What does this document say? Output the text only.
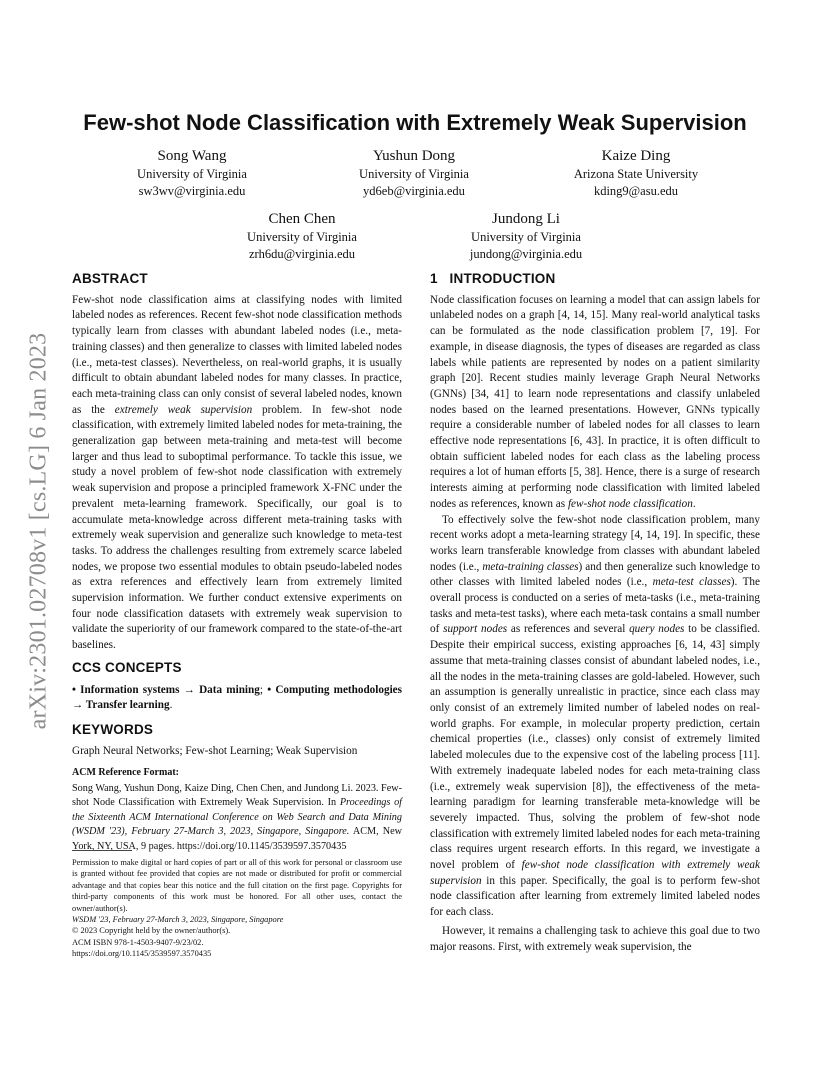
arXiv:2301.02708v1 [cs.LG] 6 Jan 2023
Few-shot Node Classification with Extremely Weak Supervision
Song Wang
University of Virginia
sw3wv@virginia.edu
Yushun Dong
University of Virginia
yd6eb@virginia.edu
Kaize Ding
Arizona State University
kding9@asu.edu
Chen Chen
University of Virginia
zrh6du@virginia.edu
Jundong Li
University of Virginia
jundong@virginia.edu
ABSTRACT

Few-shot node classification aims at classifying nodes with limited labeled nodes as references. Recent few-shot node classification methods typically learn from classes with abundant labeled nodes (i.e., meta-training classes) and then generalize to classes with limited labeled nodes (i.e., meta-test classes). Nevertheless, on real-world graphs, it is usually difficult to obtain abundant labeled nodes for many classes. In practice, each meta-training class can only consist of several labeled nodes, known as the extremely weak supervision problem. In few-shot node classification, with extremely limited labeled nodes for meta-training, the generalization gap between meta-training and meta-test will become larger and thus lead to suboptimal performance. To tackle this issue, we study a novel problem of few-shot node classification with extremely weak supervision and propose a principled framework X-FNC under the prevalent meta-learning framework. Specifically, our goal is to accumulate meta-knowledge across different meta-training tasks with extremely weak supervision and generalize such knowledge to meta-test tasks. To address the challenges resulting from extremely scarce labeled nodes, we propose two essential modules to obtain pseudo-labeled nodes as extra references and effectively learn from extremely limited supervision information. We further conduct extensive experiments on four node classification datasets with extremely weak supervision to validate the superiority of our framework compared to the state-of-the-art baselines.

CCS CONCEPTS

• Information systems → Data mining; • Computing methodologies → Transfer learning.

KEYWORDS

Graph Neural Networks; Few-shot Learning; Weak Supervision

ACM Reference Format:

Song Wang, Yushun Dong, Kaize Ding, Chen Chen, and Jundong Li. 2023. Few-shot Node Classification with Extremely Weak Supervision. In Proceedings of the Sixteenth ACM International Conference on Web Search and Data Mining (WSDM '23), February 27-March 3, 2023, Singapore, Singapore. ACM, New York, NY, USA, 9 pages. https://doi.org/10.1145/3539597.3570435

Permission to make digital or hard copies of part or all of this work for personal or classroom use is granted without fee provided that copies are not made or distributed for profit or commercial advantage and that copies bear this notice and the full citation on the first page. Copyrights for third-party components of this work must be honored. For all other uses, contact the owner/author(s).

WSDM '23, February 27-March 3, 2023, Singapore, Singapore

© 2023 Copyright held by the owner/author(s).

ACM ISBN 978-1-4503-9407-9/23/02.

https://doi.org/10.1145/3539597.3570435

1   INTRODUCTION

Node classification focuses on learning a model that can assign labels for unlabeled nodes on a graph [4, 14, 15]. Many real-world analytical tasks can be formulated as the node classification problem [7, 19]. For example, in disease diagnosis, the types of diseases are regarded as class labels while patients are represented by nodes on a patient similarity graph [20]. Recent studies mainly leverage Graph Neural Networks (GNNs) [34, 41] to learn node representations and classify unlabeled nodes based on the learned presentations. However, GNNs typically require a considerable number of labeled nodes for all classes to learn effective node representations [6, 43]. In practice, it is often difficult to obtain sufficient labeled nodes for each class as the labeling process requires a lot of human efforts [5, 38]. Hence, there is a surge of research interests aiming at performing node classification with limited labeled nodes as references, known as few-shot node classification.

To effectively solve the few-shot node classification problem, many recent works adopt a meta-learning strategy [4, 14, 19]. In specific, these works learn transferable knowledge from classes with abundant labeled nodes (i.e., meta-training classes) and then generalize such knowledge to other classes with limited labeled nodes (i.e., meta-test classes). The overall process is conducted on a series of meta-tasks (i.e., meta-training tasks and meta-test tasks), where each meta-task contains a small number of support nodes as references and several query nodes to be classified. Despite their empirical success, existing approaches [6, 14, 43] simply assume that meta-training classes consist of abundant labeled nodes, i.e., all the nodes in the meta-training classes are gold-labeled. However, such an assumption is generally unrealistic in practice, since each class may only consist of an extremely limited number of labeled nodes on real-world graphs. For example, in molecular property prediction, certain chemical properties (i.e., classes) only consist of extremely limited labeled molecules due to the expensive cost of the labeling process [11]. With extremely inadequate labeled nodes for each meta-training class (i.e., extremely weak supervision [8]), the effectiveness of the meta-learning paradigm for learning transferable meta-knowledge will be severely impacted. Thus, solving the problem of few-shot node classification with extremely limited labeled nodes for each meta-training class requires urgent research efforts. In this regard, we investigate a novel problem of few-shot node classification with extremely weak supervision in this paper. Specifically, the goal is to perform few-shot node classification after learning from extremely limited labeled nodes for each class.

However, it remains a challenging task to achieve this goal due to two major reasons. First, with extremely weak supervision, the
